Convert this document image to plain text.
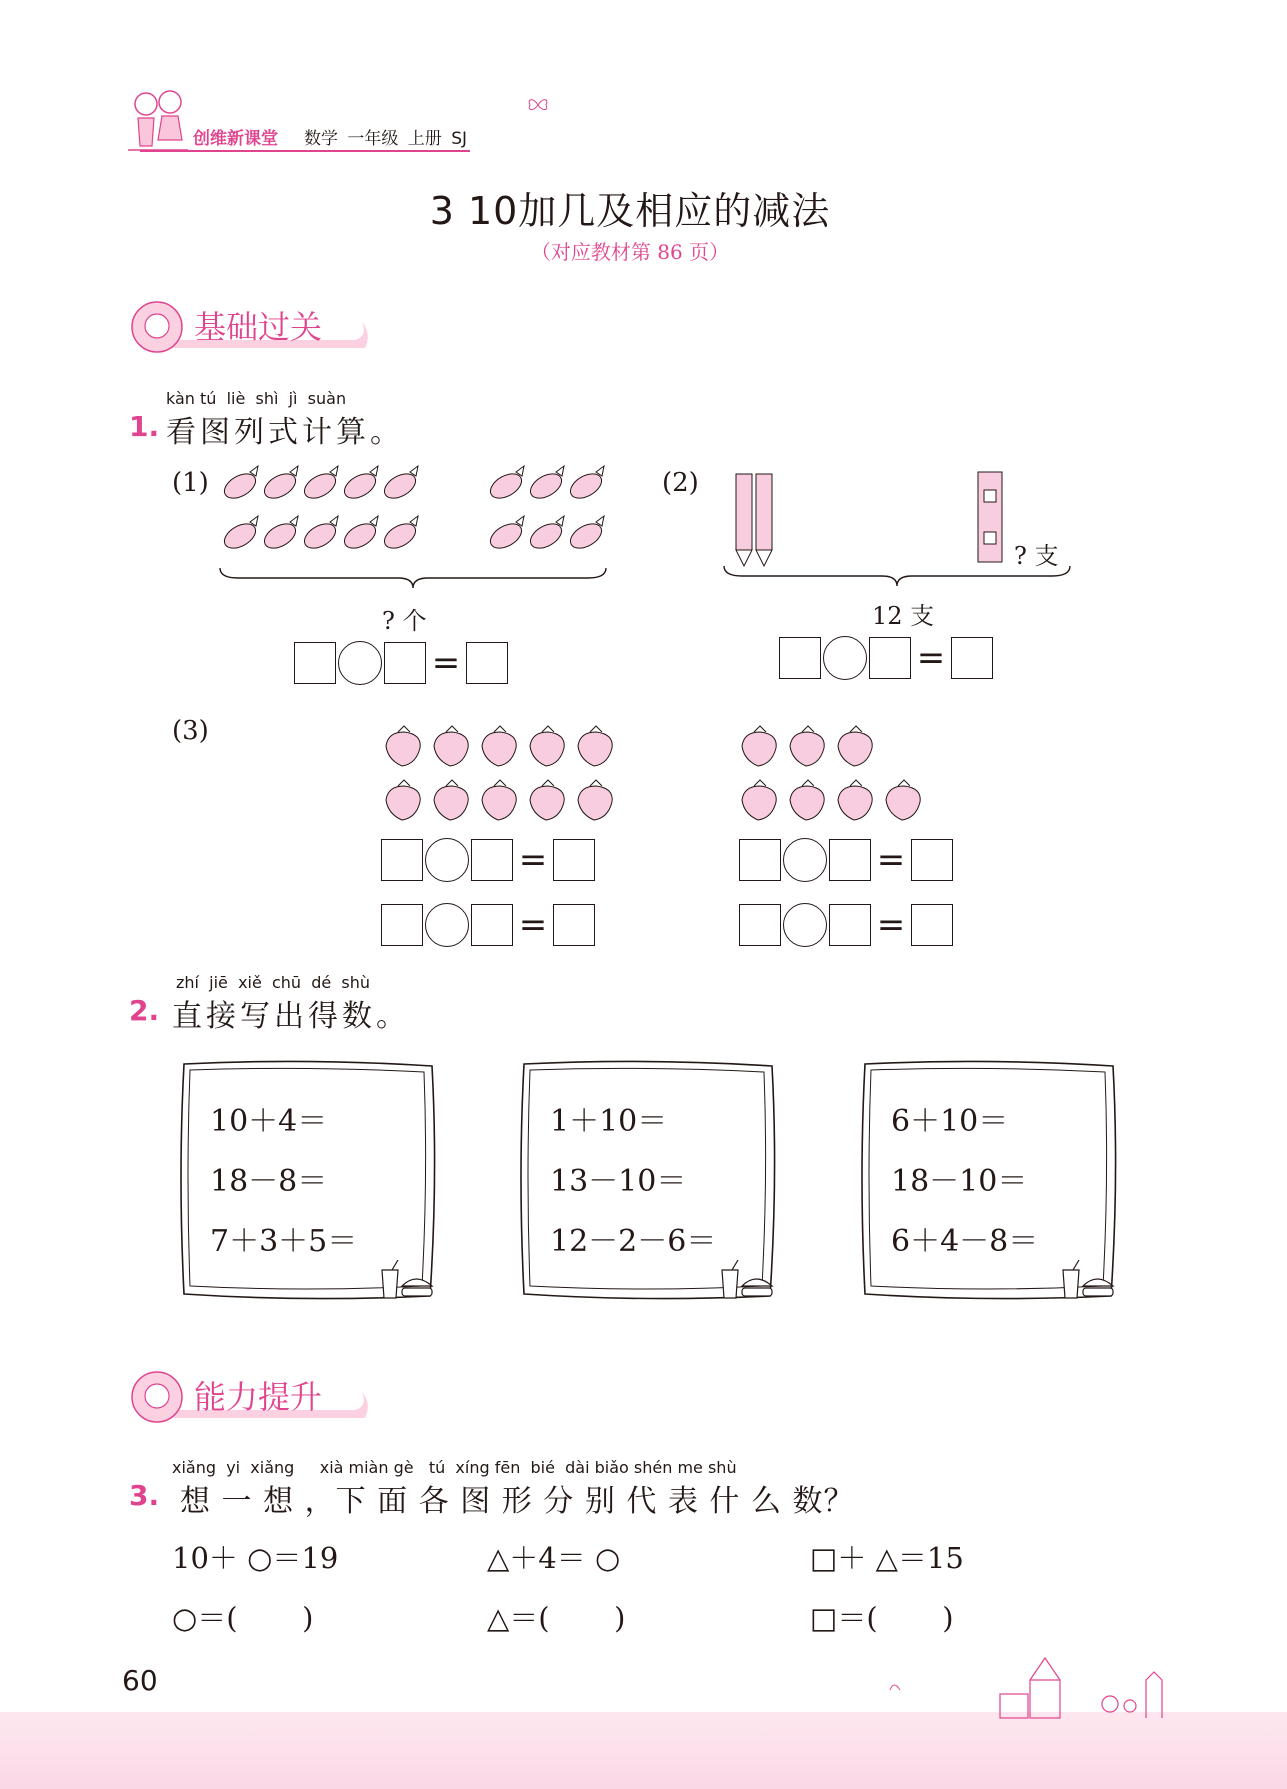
创维新课堂 数学 一年级 上册 SJ
3 10加几及相应的减法
（对应教材第 86 页）
基础过关
kàn tú  liè  shì  jì  suàn
1. 看图列式计算。
(1)
? 个
=
(2)
? 支
12 支
=
(3)
=
=
=
=
zhí  jiē  xiě  chū  dé  shù
2. 直接写出得数。
10＋4＝
18－8＝
7＋3＋5＝
1＋10＝
13－10＝
12－2－6＝
6＋10＝
18－10＝
6＋4－8＝
能力提升
xiǎng  yi  xiǎng     xià miàn gè   tú  xíng fēn  bié  dài biǎo shén me shù
3. 想 一 想 ，下 面 各 图 形 分 别 代 表 什 么 数？
10＋ ○＝19	△＋4＝ ○	□＋ △＝15
○＝(       )	△＝(       )	□＝(       )
60
